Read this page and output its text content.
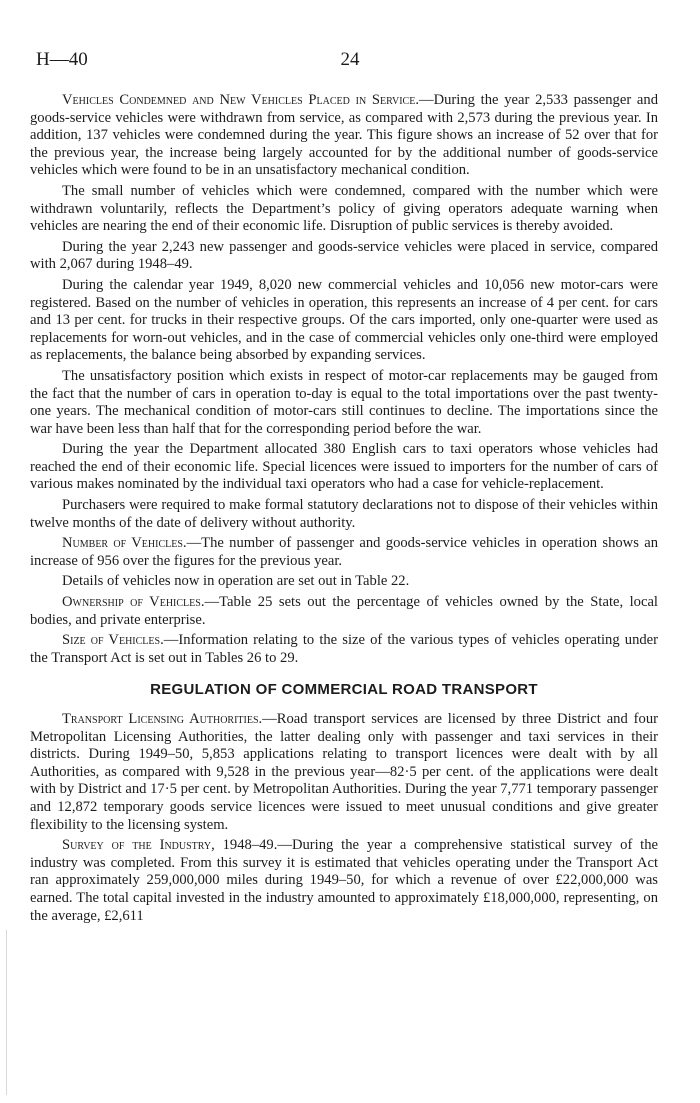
H—40	24

Vehicles Condemned and New Vehicles Placed in Service.—During the year 2,533 passenger and goods-service vehicles were withdrawn from service, as compared with 2,573 during the previous year. In addition, 137 vehicles were condemned during the year. This figure shows an increase of 52 over that for the previous year, the increase being largely accounted for by the additional number of goods-service vehicles which were found to be in an unsatisfactory mechanical condition.

The small number of vehicles which were condemned, compared with the number which were withdrawn voluntarily, reflects the Department’s policy of giving operators adequate warning when vehicles are nearing the end of their economic life. Disruption of public services is thereby avoided.

During the year 2,243 new passenger and goods-service vehicles were placed in service, compared with 2,067 during 1948–49.

During the calendar year 1949, 8,020 new commercial vehicles and 10,056 new motor-cars were registered. Based on the number of vehicles in operation, this represents an increase of 4 per cent. for cars and 13 per cent. for trucks in their respective groups. Of the cars imported, only one-quarter were used as replacements for worn-out vehicles, and in the case of commercial vehicles only one-third were employed as replacements, the balance being absorbed by expanding services.

The unsatisfactory position which exists in respect of motor-car replacements may be gauged from the fact that the number of cars in operation to-day is equal to the total importations over the past twenty-one years. The mechanical condition of motor-cars still continues to decline. The importations since the war have been less than half that for the corresponding period before the war.

During the year the Department allocated 380 English cars to taxi operators whose vehicles had reached the end of their economic life. Special licences were issued to importers for the number of cars of various makes nominated by the individual taxi operators who had a case for vehicle-replacement.

Purchasers were required to make formal statutory declarations not to dispose of their vehicles within twelve months of the date of delivery without authority.

Number of Vehicles.—The number of passenger and goods-service vehicles in operation shows an increase of 956 over the figures for the previous year.

Details of vehicles now in operation are set out in Table 22.

Ownership of Vehicles.—Table 25 sets out the percentage of vehicles owned by the State, local bodies, and private enterprise.

Size of Vehicles.—Information relating to the size of the various types of vehicles operating under the Transport Act is set out in Tables 26 to 29.

REGULATION OF COMMERCIAL ROAD TRANSPORT

Transport Licensing Authorities.—Road transport services are licensed by three District and four Metropolitan Licensing Authorities, the latter dealing only with passenger and taxi services in their districts. During 1949–50, 5,853 applications relating to transport licences were dealt with by all Authorities, as compared with 9,528 in the previous year—82·5 per cent. of the applications were dealt with by District and 17·5 per cent. by Metropolitan Authorities. During the year 7,771 temporary passenger and 12,872 temporary goods service licences were issued to meet unusual conditions and give greater flexibility to the licensing system.

Survey of the Industry, 1948–49.—During the year a comprehensive statistical survey of the industry was completed. From this survey it is estimated that vehicles operating under the Transport Act ran approximately 259,000,000 miles during 1949–50, for which a revenue of over £22,000,000 was earned. The total capital invested in the industry amounted to approximately £18,000,000, representing, on the average, £2,611
